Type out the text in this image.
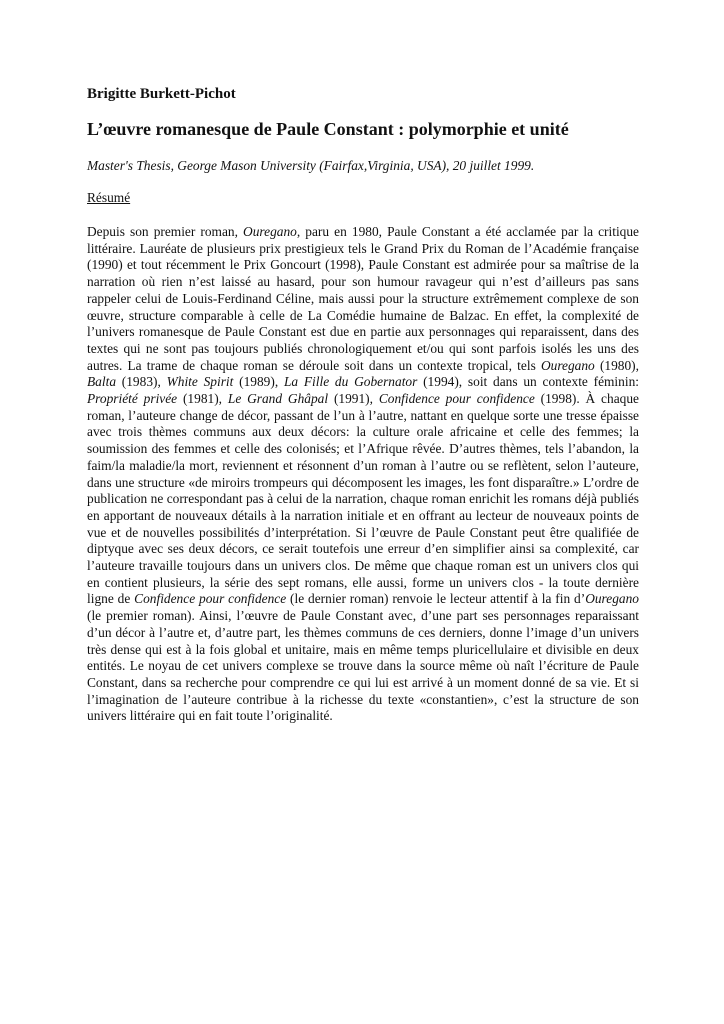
Brigitte Burkett-Pichot
L’œuvre romanesque de Paule Constant : polymorphie et unité
Master's Thesis, George Mason University (Fairfax,Virginia, USA), 20 juillet 1999.
Résumé

Depuis son premier roman, Ouregano, paru en 1980, Paule Constant a été acclamée par la critique littéraire. Lauréate de plusieurs prix prestigieux tels le Grand Prix du Roman de l’Académie française (1990) et tout récemment le Prix Goncourt (1998), Paule Constant est admirée pour sa maîtrise de la narration où rien n’est laissé au hasard, pour son humour ravageur qui n’est d’ailleurs pas sans rappeler celui de Louis-Ferdinand Céline, mais aussi pour la structure extrêmement complexe de son œuvre, structure comparable à celle de La Comédie humaine de Balzac. En effet, la complexité de l’univers romanesque de Paule Constant est due en partie aux personnages qui reparaissent, dans des textes qui ne sont pas toujours publiés chronologiquement et/ou qui sont parfois isolés les uns des autres. La trame de chaque roman se déroule soit dans un contexte tropical, tels Ouregano (1980), Balta (1983), White Spirit (1989), La Fille du Gobernator (1994), soit dans un contexte féminin: Propriété privée (1981), Le Grand Ghâpal (1991), Confidence pour confidence (1998). À chaque roman, l’auteure change de décor, passant de l’un à l’autre, nattant en quelque sorte une tresse épaisse avec trois thèmes communs aux deux décors: la culture orale africaine et celle des femmes; la soumission des femmes et celle des colonisés; et l’Afrique rêvée. D’autres thèmes, tels l’abandon, la faim/la maladie/la mort, reviennent et résonnent d’un roman à l’autre ou se reflètent, selon l’auteure, dans une structure «de miroirs trompeurs qui décomposent les images, les font disparaître.» L’ordre de publication ne correspondant pas à celui de la narration, chaque roman enrichit les romans déjà publiés en apportant de nouveaux détails à la narration initiale et en offrant au lecteur de nouveaux points de vue et de nouvelles possibilités d’interprétation. Si l’œuvre de Paule Constant peut être qualifiée de diptyque avec ses deux décors, ce serait toutefois une erreur d’en simplifier ainsi sa complexité, car l’auteure travaille toujours dans un univers clos. De même que chaque roman est un univers clos qui en contient plusieurs, la série des sept romans, elle aussi, forme un univers clos - la toute dernière ligne de Confidence pour confidence (le dernier roman) renvoie le lecteur attentif à la fin d’Ouregano (le premier roman). Ainsi, l’œuvre de Paule Constant avec, d’une part ses personnages reparaissant d’un décor à l’autre et, d’autre part, les thèmes communs de ces derniers, donne l’image d’un univers très dense qui est à la fois global et unitaire, mais en même temps pluricellulaire et divisible en deux entités. Le noyau de cet univers complexe se trouve dans la source même où naît l’écriture de Paule Constant, dans sa recherche pour comprendre ce qui lui est arrivé à un moment donné de sa vie. Et si l’imagination de l’auteure contribue à la richesse du texte «constantien», c’est la structure de son univers littéraire qui en fait toute l’originalité.
